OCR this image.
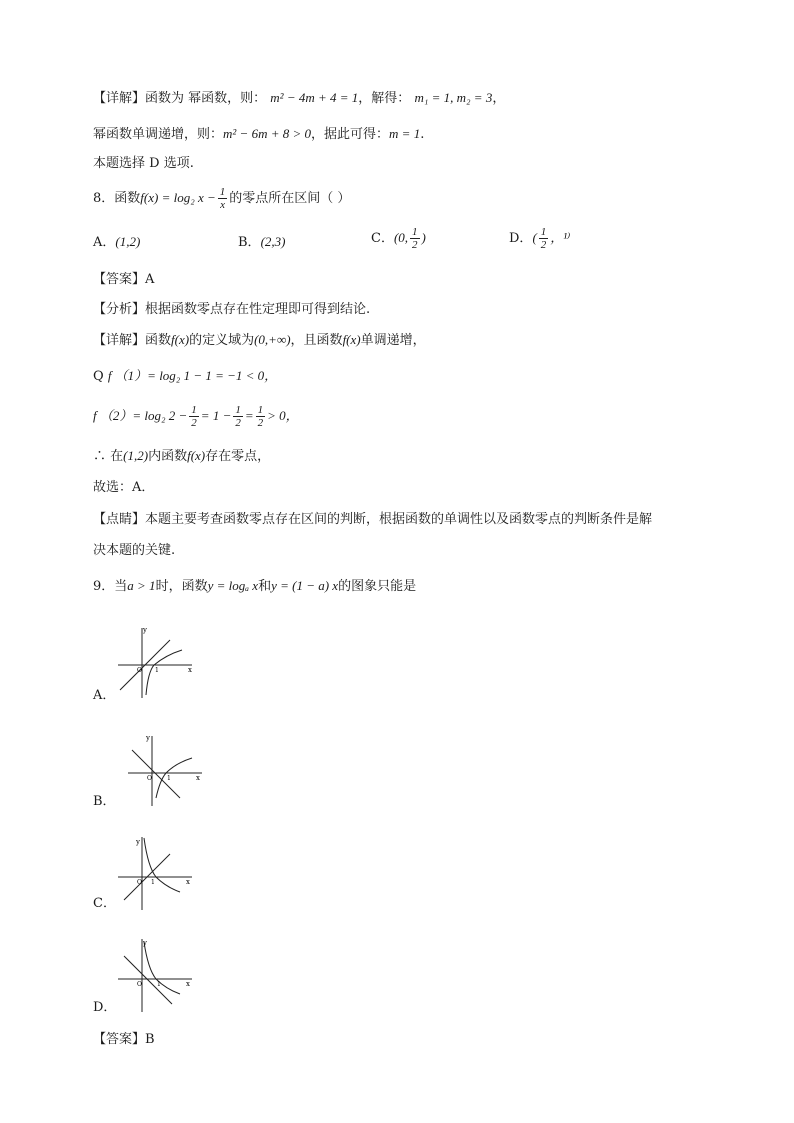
【详解】函数为 幂函数，则： m² − 4m + 4 = 1，解得： m₁ = 1, m₂ = 3，
幂函数单调递增，则：m² − 6m + 8 > 0，据此可得：m = 1.
本题选择 D 选项.
8．函数f(x) = log₂ $x - \frac{1}{x}$ 的零点所在区间（ ）
A．(1,2)	B．(2,3)	C．(0, $\frac{1}{2}$ )	D．( $\frac{1}{2}$ ，¹⁾
【答案】A
【分析】根据函数零点存在性定理即可得到结论.
【详解】函数f(x)的定义域为(0,+∞)，且函数f(x)单调递增，
Q f （1）= log₂ 1 − 1 = −1 < 0，
f （2）= log₂ $2 - \frac{1}{2} = 1 - \frac{1}{2} = \frac{1}{2} > 0$，
∴ 在(1,2)内函数f(x)存在零点，
故选：A．
【点睛】本题主要考查函数零点存在区间的判断，根据函数的单调性以及函数零点的判断条件是解
决本题的关键.
9．当a > 1时，函数y = logₐ x和y = (1 − a) x的图象只能是
y
x
O 1
A．
y
x
O	1
B．
y
x
O 1
C．
y
x
O	1
D．
【答案】B
